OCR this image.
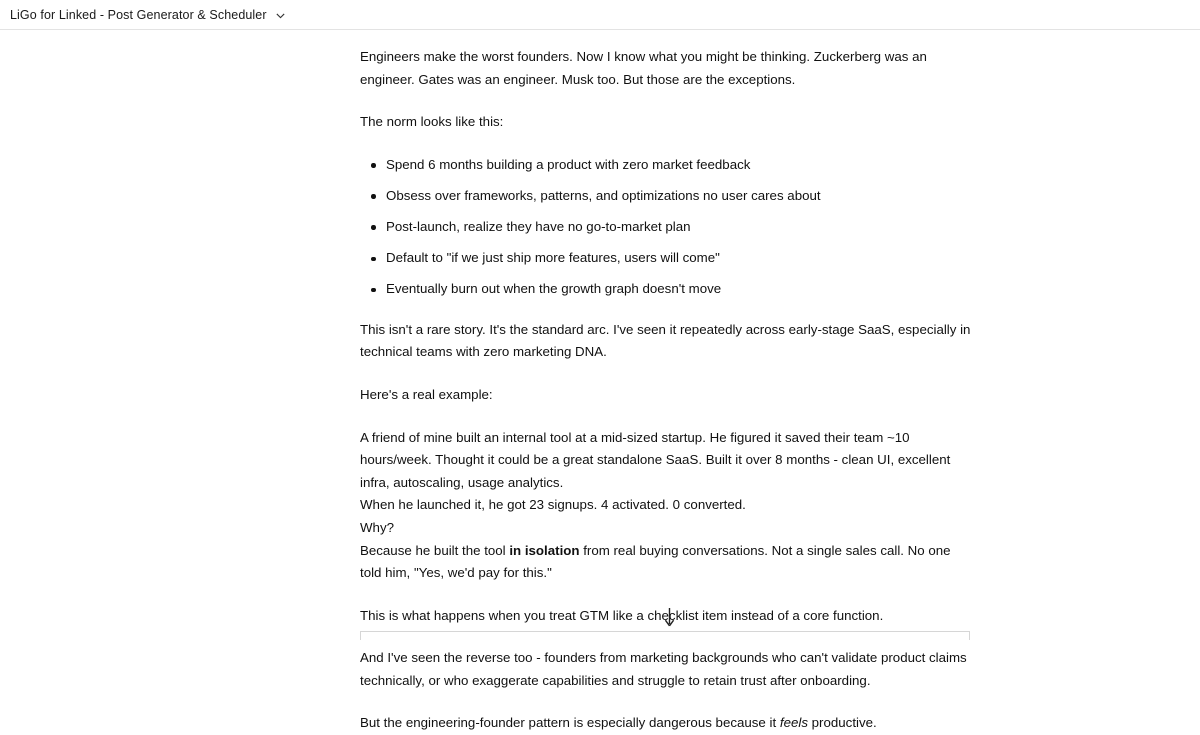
LiGo for Linked - Post Generator & Scheduler

Engineers make the worst founders. Now I know what you might be thinking. Zuckerberg was an engineer. Gates was an engineer. Musk too. But those are the exceptions.

The norm looks like this:

Spend 6 months building a product with zero market feedback
Obsess over frameworks, patterns, and optimizations no user cares about
Post-launch, realize they have no go-to-market plan
Default to "if we just ship more features, users will come"
Eventually burn out when the growth graph doesn't move

This isn't a rare story. It's the standard arc. I've seen it repeatedly across early-stage SaaS, especially in technical teams with zero marketing DNA.

Here's a real example:

A friend of mine built an internal tool at a mid-sized startup. He figured it saved their team ~10 hours/week. Thought it could be a great standalone SaaS. Built it over 8 months - clean UI, excellent infra, autoscaling, usage analytics.
When he launched it, he got 23 signups. 4 activated. 0 converted.
Why?
Because he built the tool in isolation from real buying conversations. Not a single sales call. No one told him, "Yes, we'd pay for this."

This is what happens when you treat GTM like a checklist item instead of a core function.

And I've seen the reverse too - founders from marketing backgrounds who can't validate product claims technically, or who exaggerate capabilities and struggle to retain trust after onboarding.

But the engineering-founder pattern is especially dangerous because it feels productive.
